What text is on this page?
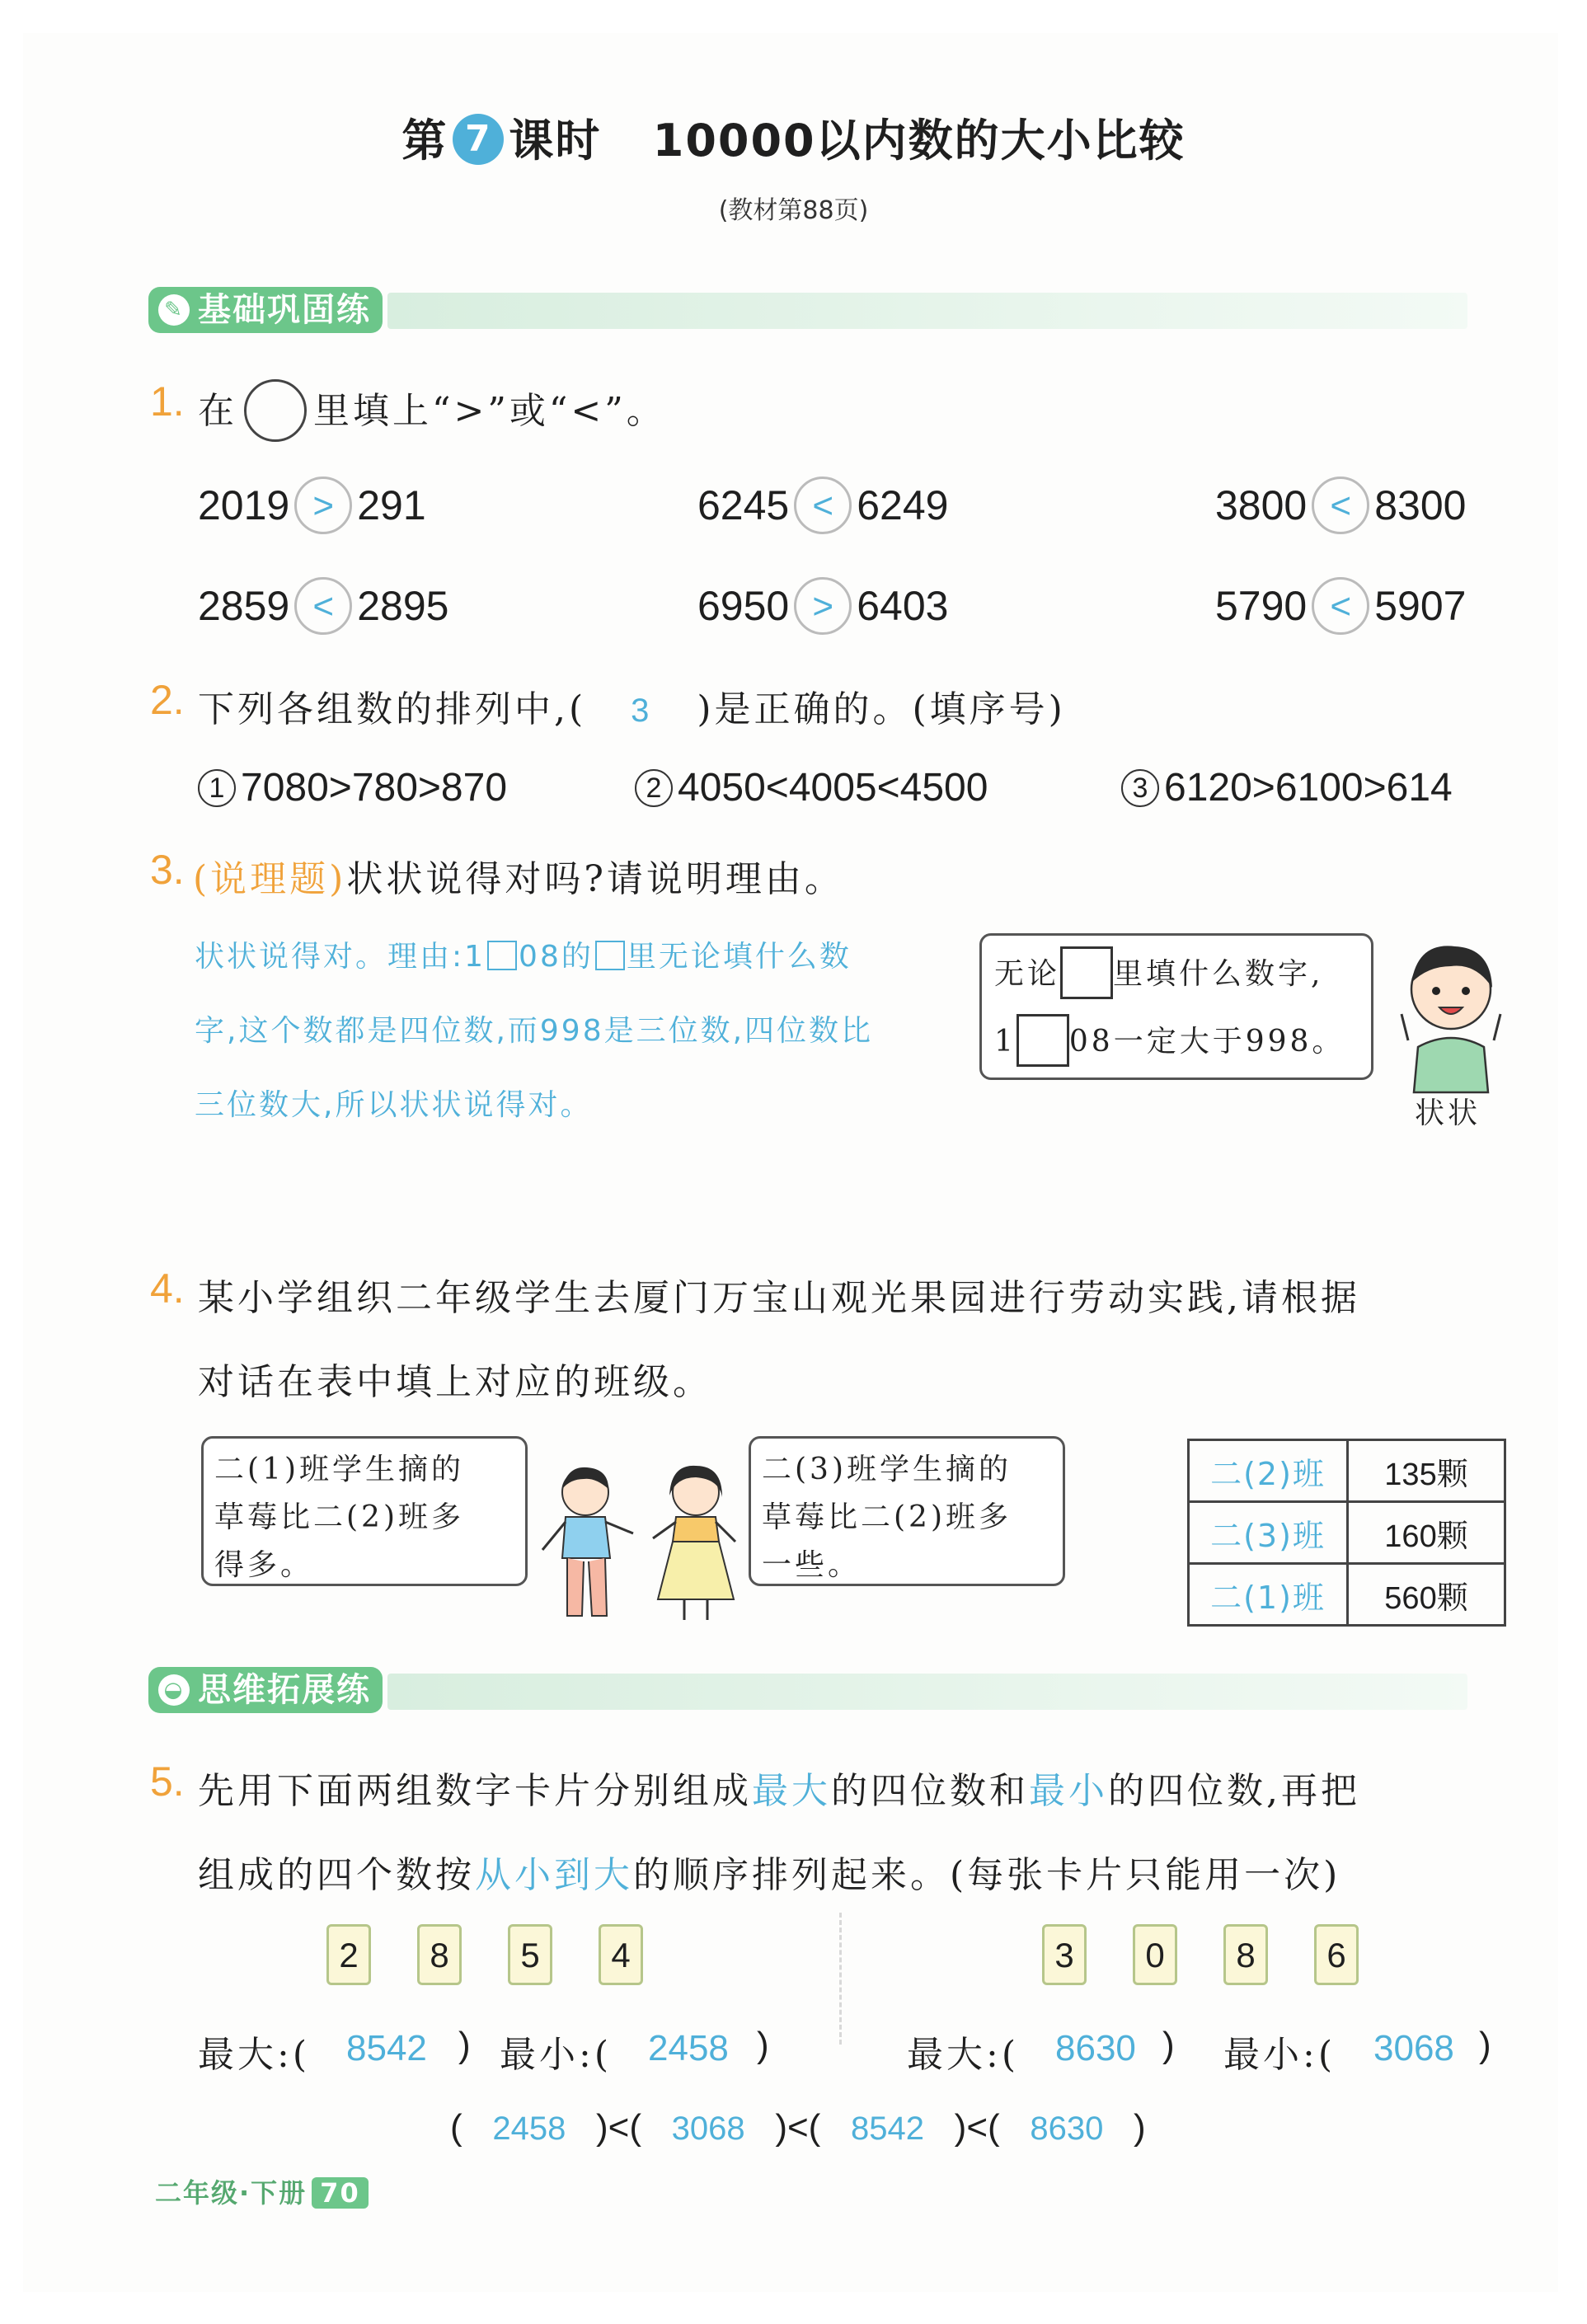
第 7 课时 10000以内数的大小比较
(教材第88页)
✎ 基础巩固练
1. 在 里填上“>”或“<”。
2019 > 291	6245 < 6249	3800 < 8300
2859 < 2895	6950 > 6403	5790 < 5907
2. 下列各组数的排列中,( 3 )是正确的。(填序号)
1 7080>780>870	2 4050<4005<4500	3 6120>6100>614
3. (说理题)状状说得对吗?请说明理由。
状状说得对。理由:1 08的 里无论填什么数
字,这个数都是四位数,而998是三位数,四位数比
三位数大,所以状状说得对。
无论 里填什么数字,
1 08一定大于998。
状状
4. 某小学组织二年级学生去厦门万宝山观光果园进行劳动实践,请根据
对话在表中填上对应的班级。
二(1)班学生摘的
草莓比二(2)班多
得多。
二(3)班学生摘的
草莓比二(2)班多
一些。
二(2)班	135颗
二(3)班	160颗
二(1)班	560颗
◒ 思维拓展练
5. 先用下面两组数字卡片分别组成最大的四位数和最小的四位数,再把
组成的四个数按从小到大的顺序排列起来。(每张卡片只能用一次)
2	8	5	4	3	0	8	6
最大:( 8542 ) 最小:( 2458 )	最大:( 8630 ) 最小:( 3068 )
(   2458   )<(   3068   )<(   8542   )<(   8630   )
二年级·下册 70
